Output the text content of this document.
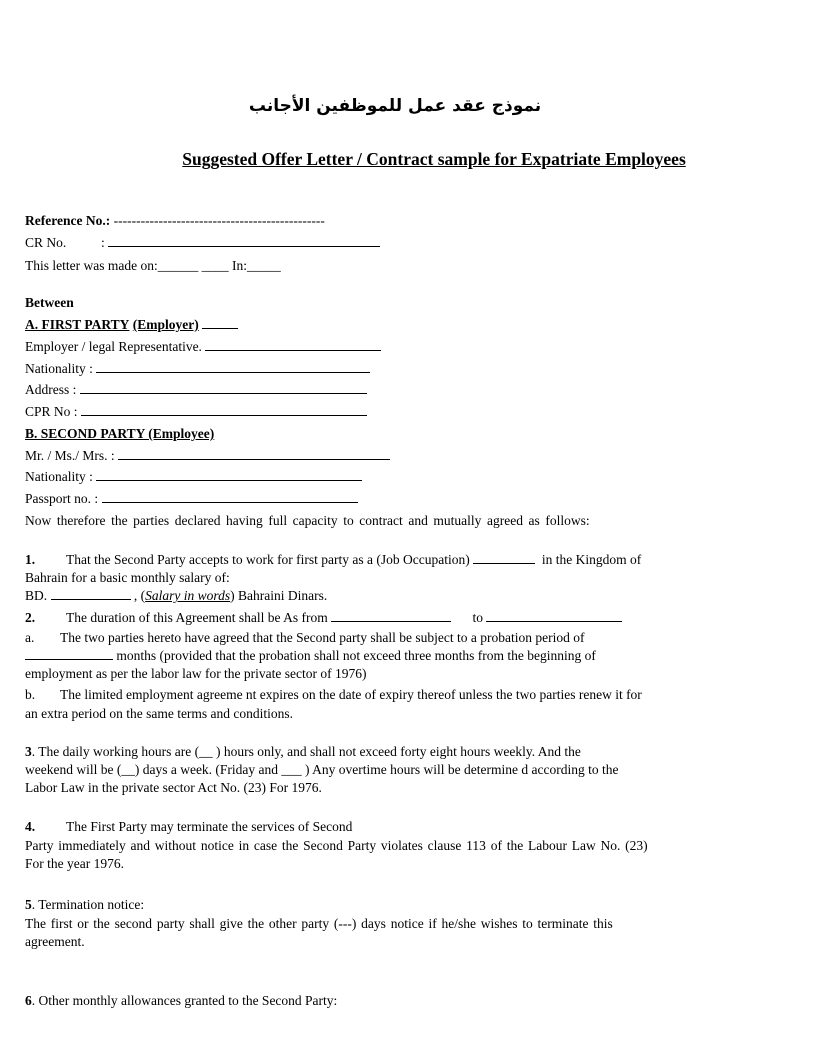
نموذج عقد عمل للموظفين الأجانب
Suggested Offer Letter / Contract sample for Expatriate Employees
Reference No.: -----------------------------------------------
CR No.	:
This letter was made on:______ ____ In:_____
Between
A. FIRST PARTY (Employer)
Employer / legal Representative.
Nationality :
Address :
CPR No :
B. SECOND PARTY (Employee)
Mr. / Ms./ Mrs. :
Nationality :
Passport no. :
Now therefore the parties declared having full capacity to contract and mutually agreed as follows:
1. That the Second Party accepts to work for first party as a (Job Occupation)	in the Kingdom of
Bahrain for a basic monthly salary of:
BD.	, (Salary in words) Bahraini Dinars.
2. The duration of this Agreement shall be As from	to
a. The two parties hereto have agreed that the Second party shall be subject to a probation period of
months (provided that the probation shall not exceed three months from the beginning of
employment as per the labor law for the private sector of 1976)
b. The limited employment agreeme nt expires on the date of expiry thereof unless the two parties renew it for
an extra period on the same terms and conditions.
3. The daily working hours are (__ ) hours only, and shall not exceed forty eight hours weekly. And the
weekend will be (__) days a week. (Friday and ___ ) Any overtime hours will be determine d according to the
Labor Law in the private sector Act No. (23) For 1976.
4. The First Party may terminate the services of Second
Party immediately and without notice in case the Second Party violates clause 113 of the Labour Law No. (23)
For the year 1976.
5. Termination notice:
The first or the second party shall give the other party (---) days notice if he/she wishes to terminate this
agreement.
6. Other monthly allowances granted to the Second Party:
